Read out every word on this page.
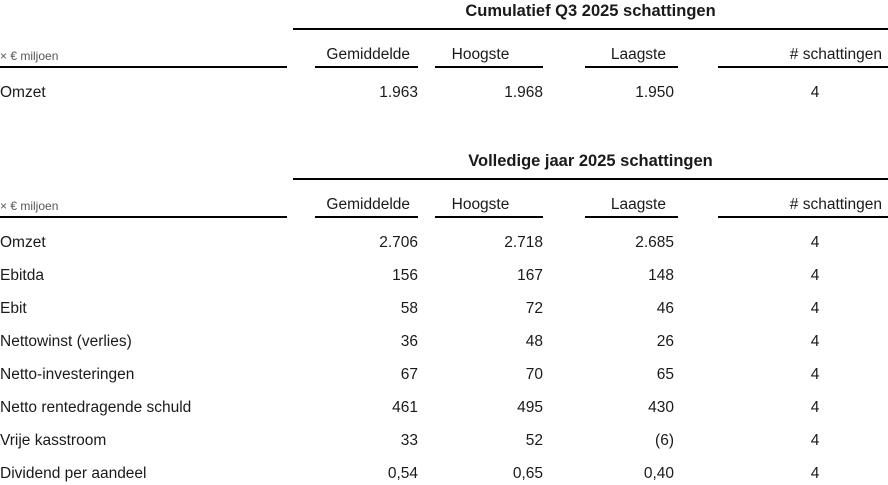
Cumulatief Q3 2025 schattingen
× € miljoen	Gemiddelde	Hoogste	Laagste	# schattingen
Omzet	1.963	1.968	1.950	4
Volledige jaar 2025 schattingen
× € miljoen	Gemiddelde	Hoogste	Laagste	# schattingen
Omzet	2.706	2.718	2.685	4
Ebitda	156	167	148	4
Ebit	58	72	46	4
Nettowinst (verlies)	36	48	26	4
Netto-investeringen	67	70	65	4
Netto rentedragende schuld	461	495	430	4
Vrije kasstroom	33	52	(6)	4
Dividend per aandeel	0,54	0,65	0,40	4
